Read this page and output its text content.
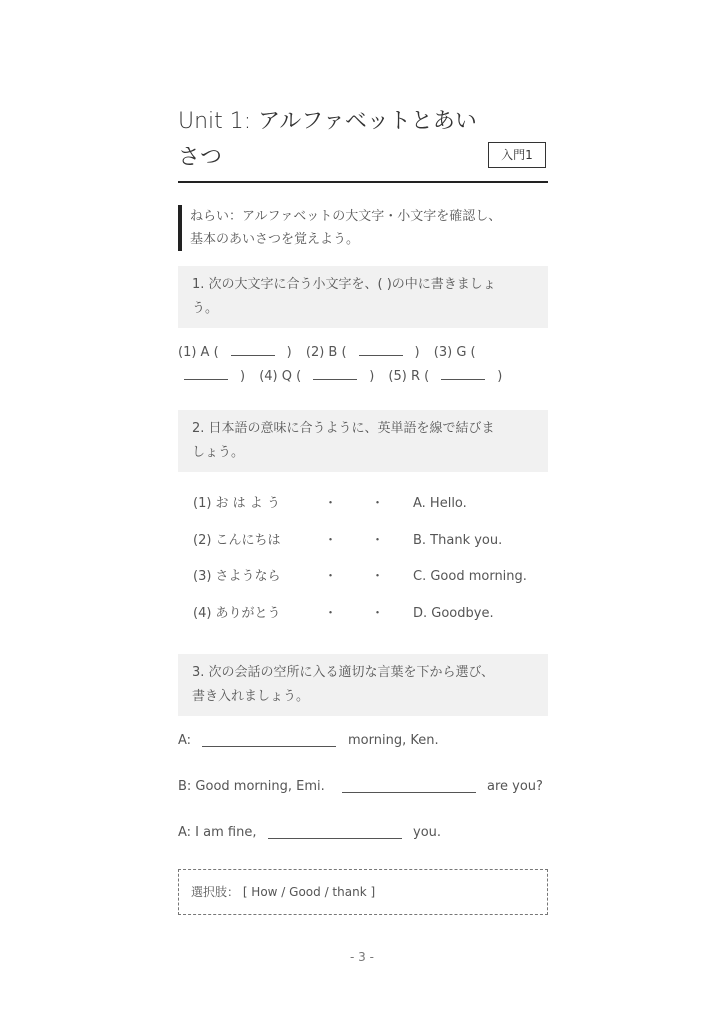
Unit 1: アルファベットとあい
さつ	入門1
ねらい：アルファベットの大文字・小文字を確認し、
基本のあいさつを覚えよう。
1. 次の大文字に合う小文字を、( )の中に書きましょ
う。
(1) A (	) (2) B (	) (3) G (
) (4) Q (	) (5) R (	)
2. 日本語の意味に合うように、英単語を線で結びま
しょう。
(1) お は よ う	・	・ A. Hello.
(2) こんにちは	・	・ B. Thank you.
(3) さようなら	・	・ C. Good morning.
(4) ありがとう	・	・ D. Goodbye.
3. 次の会話の空所に入る適切な言葉を下から選び、
書き入れましょう。
A:	morning, Ken.
B: Good morning, Emi.	are you?
A: I am fine,	you.
選択肢： [ How / Good / thank ]
- 3 -
